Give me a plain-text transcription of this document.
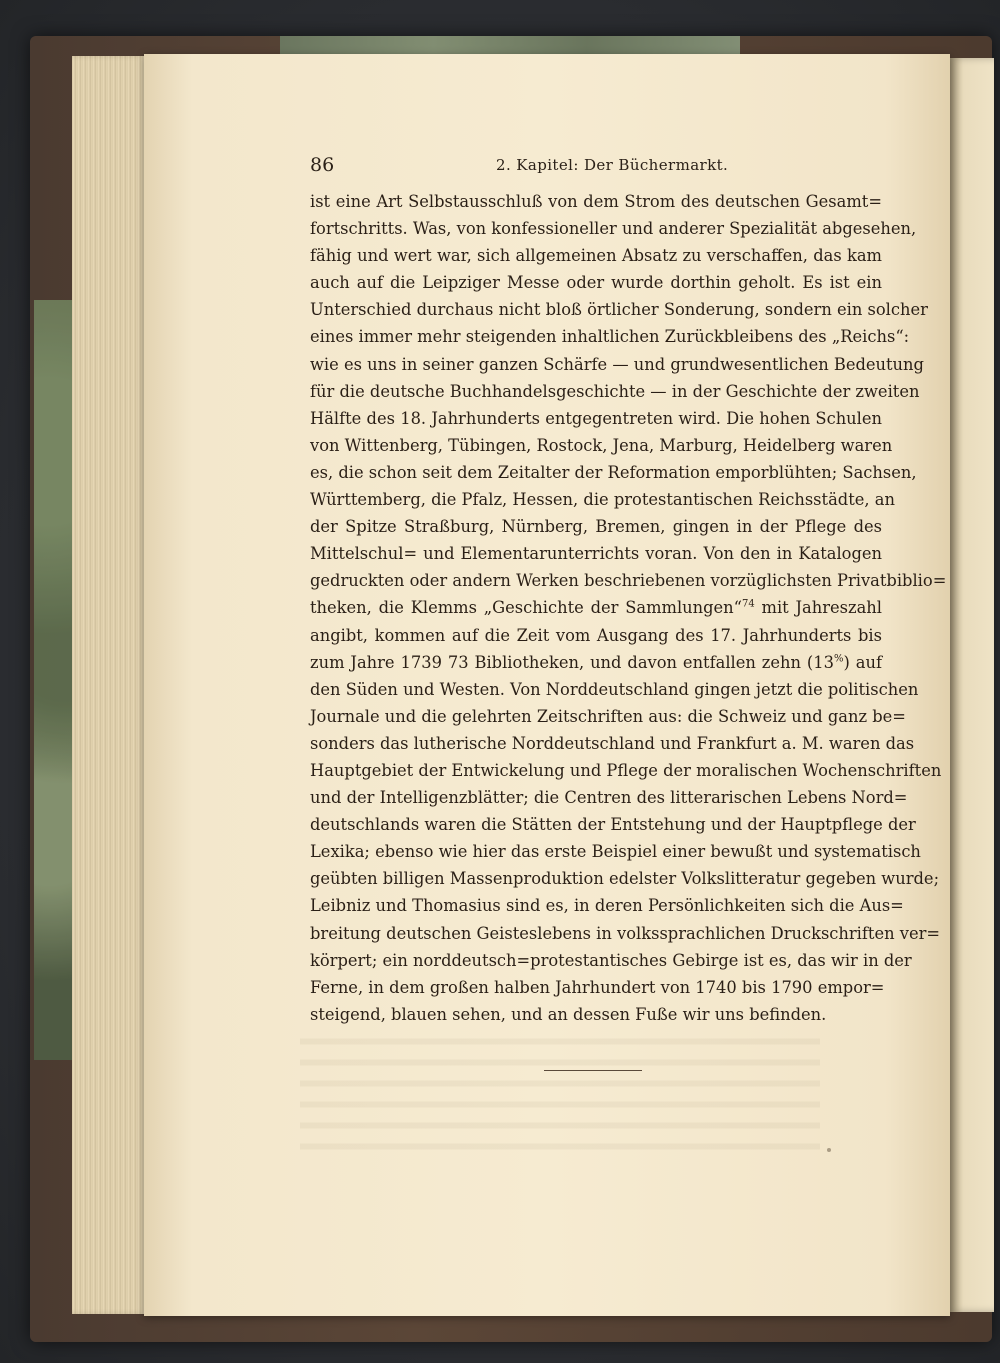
86	2. Kapitel: Der Büchermarkt.
ist eine Art Selbstausschluß von dem Strom des deutschen Gesamt=
fortschritts. Was, von konfessioneller und anderer Spezialität abgesehen,
fähig und wert war, sich allgemeinen Absatz zu verschaffen, das kam
auch auf die Leipziger Messe oder wurde dorthin geholt. Es ist ein
Unterschied durchaus nicht bloß örtlicher Sonderung, sondern ein solcher
eines immer mehr steigenden inhaltlichen Zurückbleibens des „Reichs“:
wie es uns in seiner ganzen Schärfe — und grundwesentlichen Bedeutung
für die deutsche Buchhandelsgeschichte — in der Geschichte der zweiten
Hälfte des 18. Jahrhunderts entgegentreten wird. Die hohen Schulen
von Wittenberg, Tübingen, Rostock, Jena, Marburg, Heidelberg waren
es, die schon seit dem Zeitalter der Reformation emporblühten; Sachsen,
Württemberg, die Pfalz, Hessen, die protestantischen Reichsstädte, an
der Spitze Straßburg, Nürnberg, Bremen, gingen in der Pflege des
Mittelschul= und Elementarunterrichts voran. Von den in Katalogen
gedruckten oder andern Werken beschriebenen vorzüglichsten Privatbiblio=
theken, die Klemms „Geschichte der Sammlungen“$^{74}$ mit Jahreszahl
angibt, kommen auf die Zeit vom Ausgang des 17. Jahrhunderts bis
zum Jahre 1739 73 Bibliotheken, und davon entfallen zehn (13%) auf
den Süden und Westen. Von Norddeutschland gingen jetzt die politischen
Journale und die gelehrten Zeitschriften aus: die Schweiz und ganz be=
sonders das lutherische Norddeutschland und Frankfurt a. M. waren das
Hauptgebiet der Entwickelung und Pflege der moralischen Wochenschriften
und der Intelligenzblätter; die Centren des litterarischen Lebens Nord=
deutschlands waren die Stätten der Entstehung und der Hauptpflege der
Lexika; ebenso wie hier das erste Beispiel einer bewußt und systematisch
geübten billigen Massenproduktion edelster Volkslitteratur gegeben wurde;
Leibniz und Thomasius sind es, in deren Persönlichkeiten sich die Aus=
breitung deutschen Geisteslebens in volkssprachlichen Druckschriften ver=
körpert; ein norddeutsch=protestantisches Gebirge ist es, das wir in der
Ferne, in dem großen halben Jahrhundert von 1740 bis 1790 empor=
steigend, blauen sehen, und an dessen Fuße wir uns befinden.
